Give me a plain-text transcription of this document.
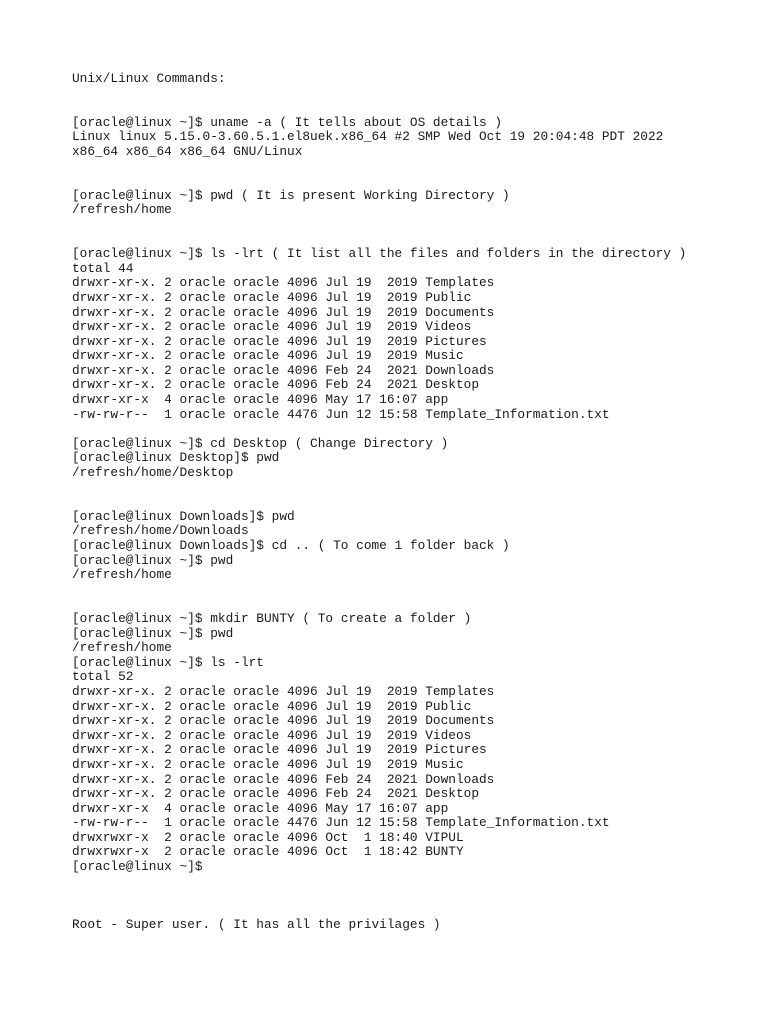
Unix/Linux Commands:
[oracle@linux ~]$ uname -a ( It tells about OS details )
Linux linux 5.15.0-3.60.5.1.el8uek.x86_64 #2 SMP Wed Oct 19 20:04:48 PDT 2022
x86_64 x86_64 x86_64 GNU/Linux
[oracle@linux ~]$ pwd ( It is present Working Directory )
/refresh/home
[oracle@linux ~]$ ls -lrt ( It list all the files and folders in the directory )
total 44
drwxr-xr-x. 2 oracle oracle 4096 Jul 19  2019 Templates
drwxr-xr-x. 2 oracle oracle 4096 Jul 19  2019 Public
drwxr-xr-x. 2 oracle oracle 4096 Jul 19  2019 Documents
drwxr-xr-x. 2 oracle oracle 4096 Jul 19  2019 Videos
drwxr-xr-x. 2 oracle oracle 4096 Jul 19  2019 Pictures
drwxr-xr-x. 2 oracle oracle 4096 Jul 19  2019 Music
drwxr-xr-x. 2 oracle oracle 4096 Feb 24  2021 Downloads
drwxr-xr-x. 2 oracle oracle 4096 Feb 24  2021 Desktop
drwxr-xr-x  4 oracle oracle 4096 May 17 16:07 app
-rw-rw-r--  1 oracle oracle 4476 Jun 12 15:58 Template_Information.txt
[oracle@linux ~]$ cd Desktop ( Change Directory )
[oracle@linux Desktop]$ pwd
/refresh/home/Desktop
[oracle@linux Downloads]$ pwd
/refresh/home/Downloads
[oracle@linux Downloads]$ cd .. ( To come 1 folder back )
[oracle@linux ~]$ pwd
/refresh/home
[oracle@linux ~]$ mkdir BUNTY ( To create a folder )
[oracle@linux ~]$ pwd
/refresh/home
[oracle@linux ~]$ ls -lrt
total 52
drwxr-xr-x. 2 oracle oracle 4096 Jul 19  2019 Templates
drwxr-xr-x. 2 oracle oracle 4096 Jul 19  2019 Public
drwxr-xr-x. 2 oracle oracle 4096 Jul 19  2019 Documents
drwxr-xr-x. 2 oracle oracle 4096 Jul 19  2019 Videos
drwxr-xr-x. 2 oracle oracle 4096 Jul 19  2019 Pictures
drwxr-xr-x. 2 oracle oracle 4096 Jul 19  2019 Music
drwxr-xr-x. 2 oracle oracle 4096 Feb 24  2021 Downloads
drwxr-xr-x. 2 oracle oracle 4096 Feb 24  2021 Desktop
drwxr-xr-x  4 oracle oracle 4096 May 17 16:07 app
-rw-rw-r--  1 oracle oracle 4476 Jun 12 15:58 Template_Information.txt
drwxrwxr-x  2 oracle oracle 4096 Oct  1 18:40 VIPUL
drwxrwxr-x  2 oracle oracle 4096 Oct  1 18:42 BUNTY
[oracle@linux ~]$
Root - Super user. ( It has all the privilages )
